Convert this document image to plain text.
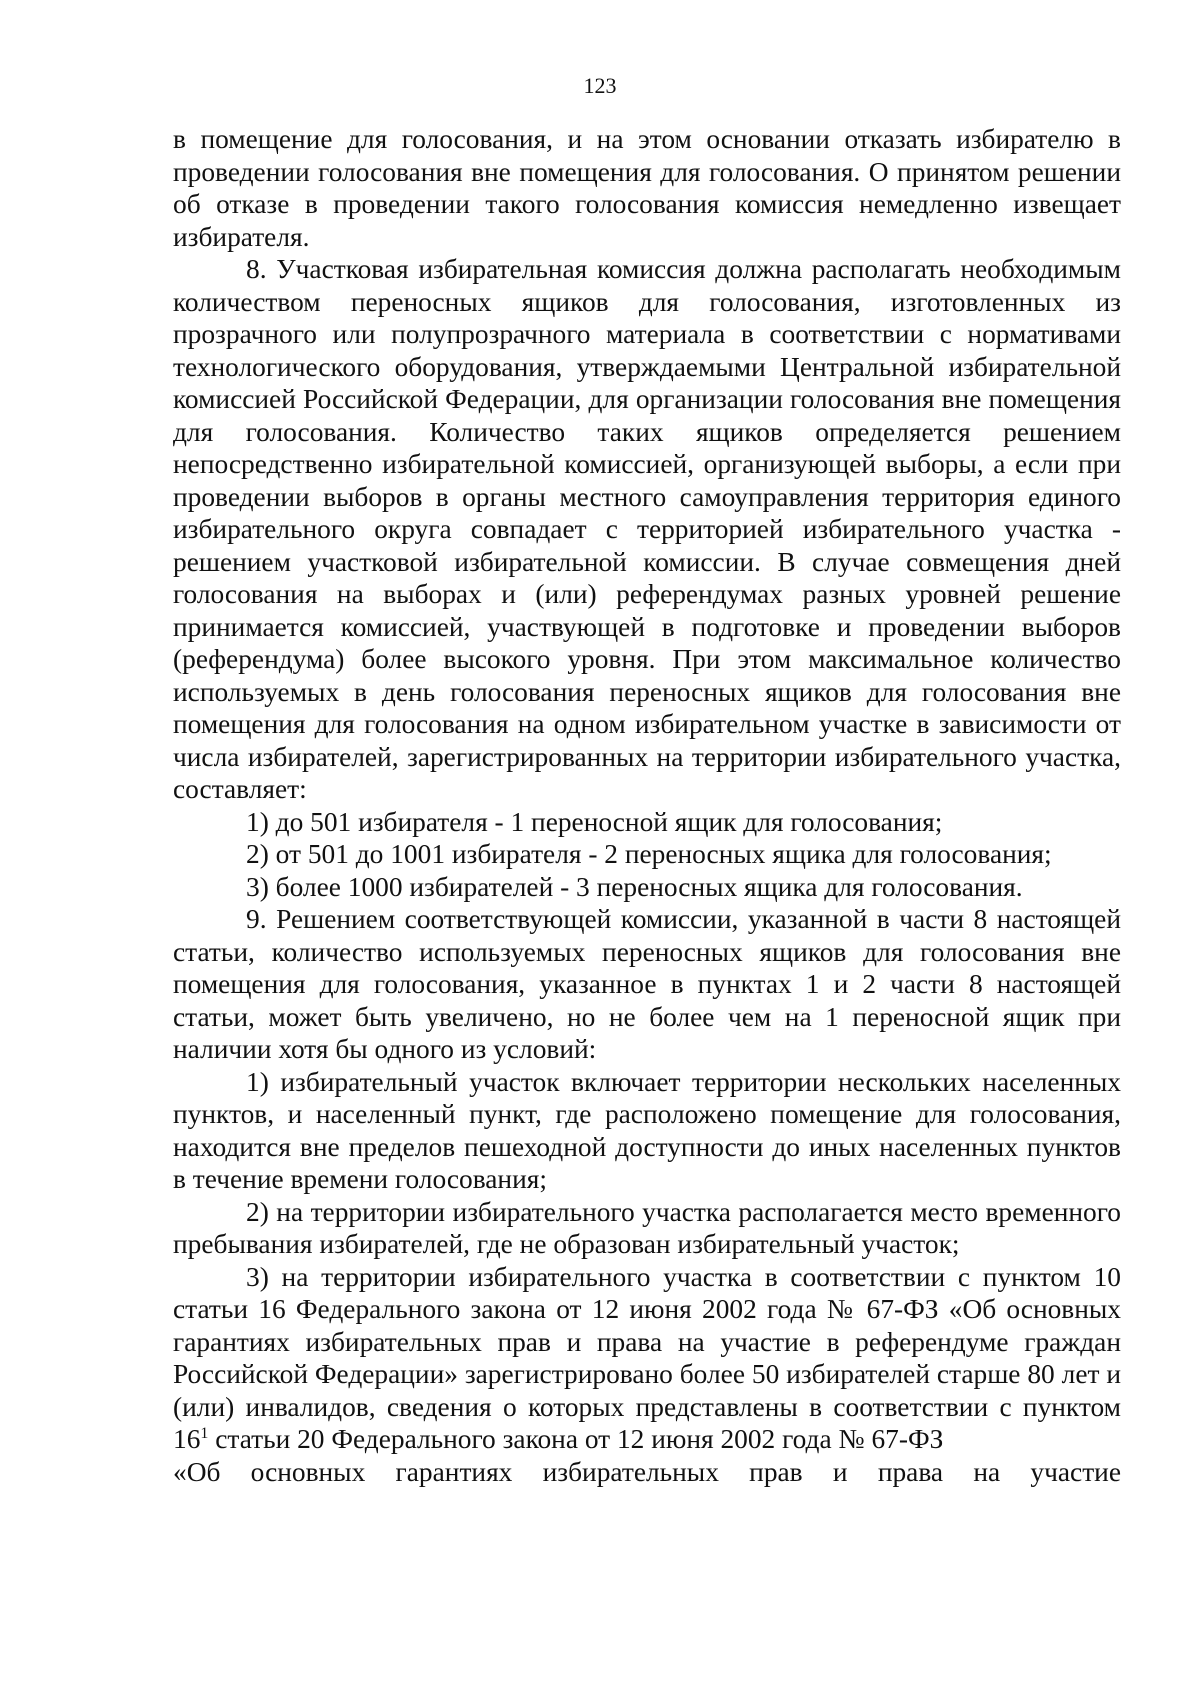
123

в помещение для голосования, и на этом основании отказать избирателю в проведении голосования вне помещения для голосования. О принятом решении об отказе в проведении такого голосования комиссия немедленно извещает избирателя.

8. Участковая избирательная комиссия должна располагать необходимым количеством переносных ящиков для голосования, изготовленных из прозрачного или полупрозрачного материала в соответствии с нормативами технологического оборудования, утверждаемыми Центральной избирательной комиссией Российской Федерации, для организации голосования вне помещения для голосования. Количество таких ящиков определяется решением непосредственно избирательной комиссией, организующей выборы, а если при проведении выборов в органы местного самоуправления территория единого избирательного округа совпадает с территорией избирательного участка - решением участковой избирательной комиссии. В случае совмещения дней голосования на выборах и (или) референдумах разных уровней решение принимается комиссией, участвующей в подготовке и проведении выборов (референдума) более высокого уровня. При этом максимальное количество используемых в день голосования переносных ящиков для голосования вне помещения для голосования на одном избирательном участке в зависимости от числа избирателей, зарегистрированных на территории избирательного участка, составляет:

1) до 501 избирателя - 1 переносной ящик для голосования;

2) от 501 до 1001 избирателя - 2 переносных ящика для голосования;

3) более 1000 избирателей - 3 переносных ящика для голосования.

9. Решением соответствующей комиссии, указанной в части 8 настоящей статьи, количество используемых переносных ящиков для голосования вне помещения для голосования, указанное в пунктах 1 и 2 части 8 настоящей статьи, может быть увеличено, но не более чем на 1 переносной ящик при наличии хотя бы одного из условий:

1) избирательный участок включает территории нескольких населенных пунктов, и населенный пункт, где расположено помещение для голосования, находится вне пределов пешеходной доступности до иных населенных пунктов в течение времени голосования;

2) на территории избирательного участка располагается место временного пребывания избирателей, где не образован избирательный участок;

3) на территории избирательного участка в соответствии с пунктом 10 статьи 16 Федерального закона от 12 июня 2002 года № 67-ФЗ «Об основных гарантиях избирательных прав и права на участие в референдуме граждан Российской Федерации» зарегистрировано более 50 избирателей старше 80 лет и (или) инвалидов, сведения о которых представлены в соответствии с пунктом $16^1$ статьи 20 Федерального закона от 12 июня 2002 года № 67-ФЗ

«Об основных гарантиях избирательных прав и права на участие
